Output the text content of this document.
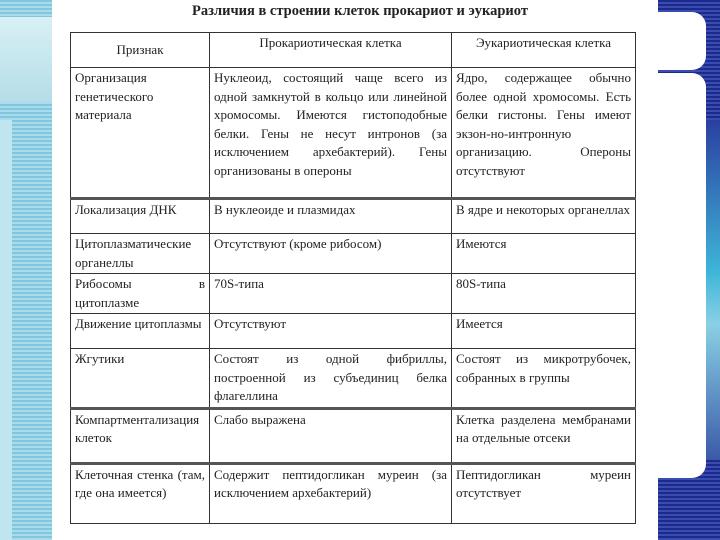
Различия в строении клеток прокариот и эукариот
Признак	Прокариотическая клетка	Эукариотическая клетка
Организация генетического материала	Нуклеоид, состоящий чаще всего из одной замкнутой в кольцо или линейной хромосомы. Имеются гистоподобные белки. Гены не несут интронов (за исключением архебактерий). Гены организованы в опероны	Ядро, содержащее обычно более одной хромосомы. Есть белки гистоны. Гены имеют экзон-но-интронную организацию. Опероны отсутствуют
Локализация ДНК	В нуклеоиде и плазмидах	В ядре и некоторых органеллах
Цитоплазматические органеллы	Отсутствуют (кроме рибосом)	Имеются
Рибосомы в цитоплазме	70S-типа	80S-типа
Движение цитоплазмы	Отсутствуют	Имеется
Жгутики	Состоят из одной фибриллы, построенной из субъединиц белка флагеллина	Состоят из микротрубочек, собранных в группы
Компартментализация клеток	Слабо выражена	Клетка разделена мембранами на отдельные отсеки
Клеточная стенка (там, где она имеется)	Содержит пептидогликан муреин (за исключением архебактерий)	Пептидогликан муреин отсутствует
